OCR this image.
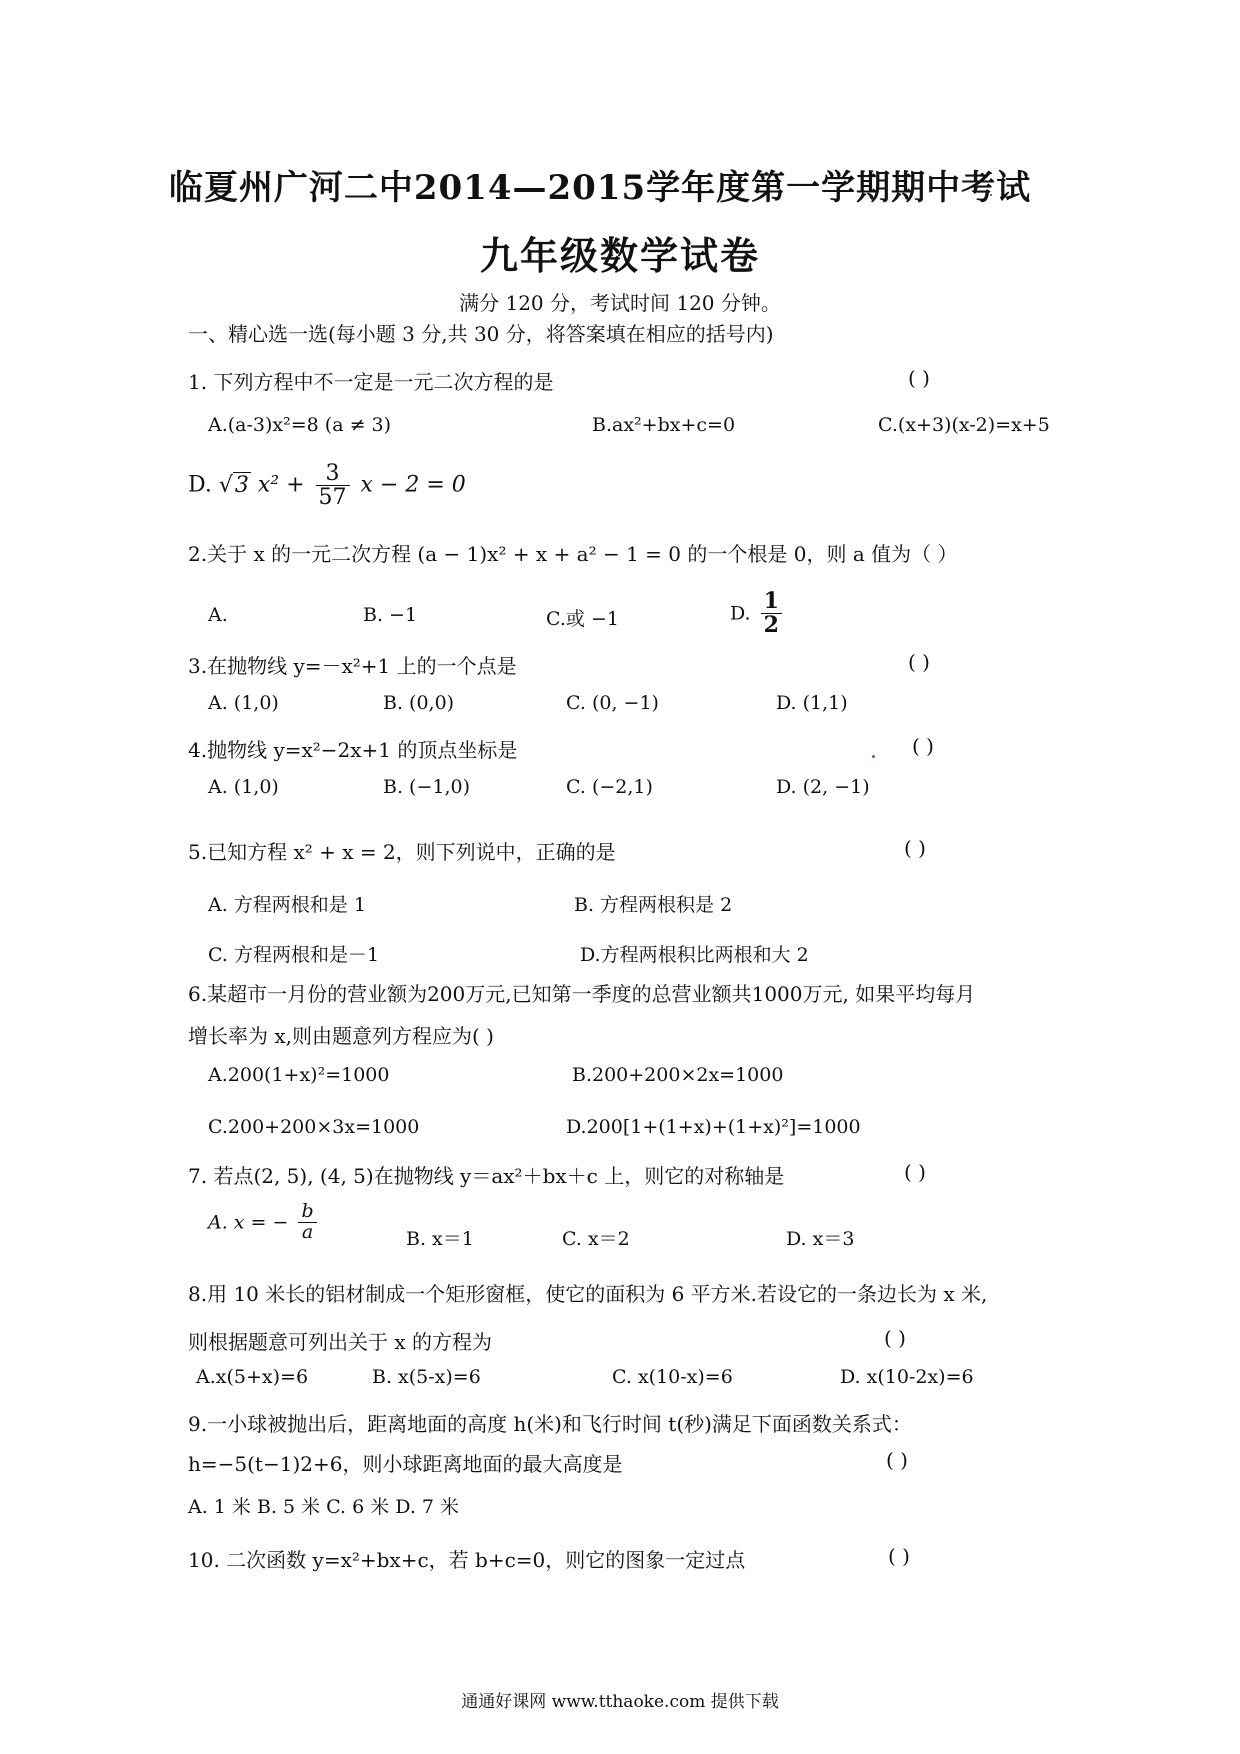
临夏州广河二中2014—2015学年度第一学期期中考试
九年级数学试卷
满分 120 分，考试时间 120 分钟。
一、精心选一选(每小题 3 分,共 30 分，将答案填在相应的括号内)
1. 下列方程中不一定是一元二次方程的是	( )
A.(a-3)x²=8 (a ≠ 3)	B.ax²+bx+c=0	C.(x+3)(x-2)=x+5
D. √3 $x^2 + \frac{3}{57}$ x − 2 = 0
2.关于 x 的一元二次方程 (a − 1)x² + x + a² − 1 = 0 的一个根是 0，则 a 值为（ ）
A.	B. −1	C.或 −1	D. $\frac{1}{2}$
3.在抛物线 y=－x²+1 上的一个点是	( )
A. (1,0)	B. (0,0)	C. (0, −1)	D. (1,1)
4.抛物线 y=x²−2x+1 的顶点坐标是	( )
A. (1,0)	B. (−1,0)	C. (−2,1)	D. (2, −1)
5.已知方程 x² + x = 2，则下列说中，正确的是	( )
A. 方程两根和是 1	B. 方程两根积是 2
C. 方程两根和是－1	D.方程两根积比两根和大 2
6.某超市一月份的营业额为200万元,已知第一季度的总营业额共1000万元, 如果平均每月
增长率为 x,则由题意列方程应为( )
A.200(1+x)²=1000	B.200+200×2x=1000
C.200+200×3x=1000	D.200[1+(1+x)+(1+x)²]=1000
7. 若点(2, 5), (4, 5)在抛物线 y＝ax²＋bx＋c 上，则它的对称轴是	( )
A. x = − $\frac{b}{a}$	B. x＝1	C. x＝2	D. x＝3
8.用 10 米长的铝材制成一个矩形窗框，使它的面积为 6 平方米.若设它的一条边长为 x 米,
则根据题意可列出关于 x 的方程为	( )
A.x(5+x)=6	B. x(5-x)=6	C. x(10-x)=6	D. x(10-2x)=6
9.一小球被抛出后，距离地面的高度 h(米)和飞行时间 t(秒)满足下面函数关系式：
h=−5(t−1)2+6，则小球距离地面的最大高度是	( )
A. 1 米 B. 5 米 C. 6 米 D. 7 米
10. 二次函数 y=x²+bx+c，若 b+c=0，则它的图象一定过点	( )
通通好课网 www.tthaoke.com 提供下载
